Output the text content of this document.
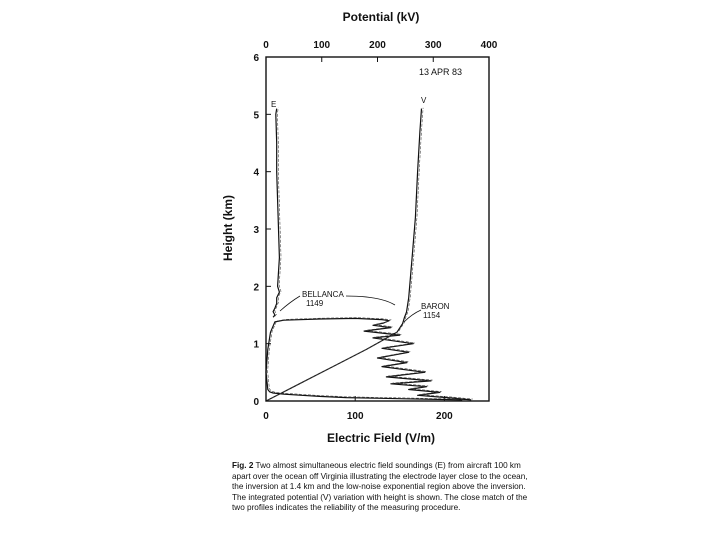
Potential (kV)
Electric Field (V/m)
Height (km)
0	100	200	300	400
0	100	200
0
1
2
3
4
5
6
13 APR 83
E	V
BELLANCA 1149	BARON 1154
Fig. 2 Two almost simultaneous electric field soundings (E) from aircraft 100 km apart over the ocean off Virginia illustrating the electrode layer close to the ocean, the inversion at 1.4 km and the low-noise exponential region above the inversion. The integrated potential (V) variation with height is shown. The close match of the two profiles indicates the reliability of the measuring procedure.
